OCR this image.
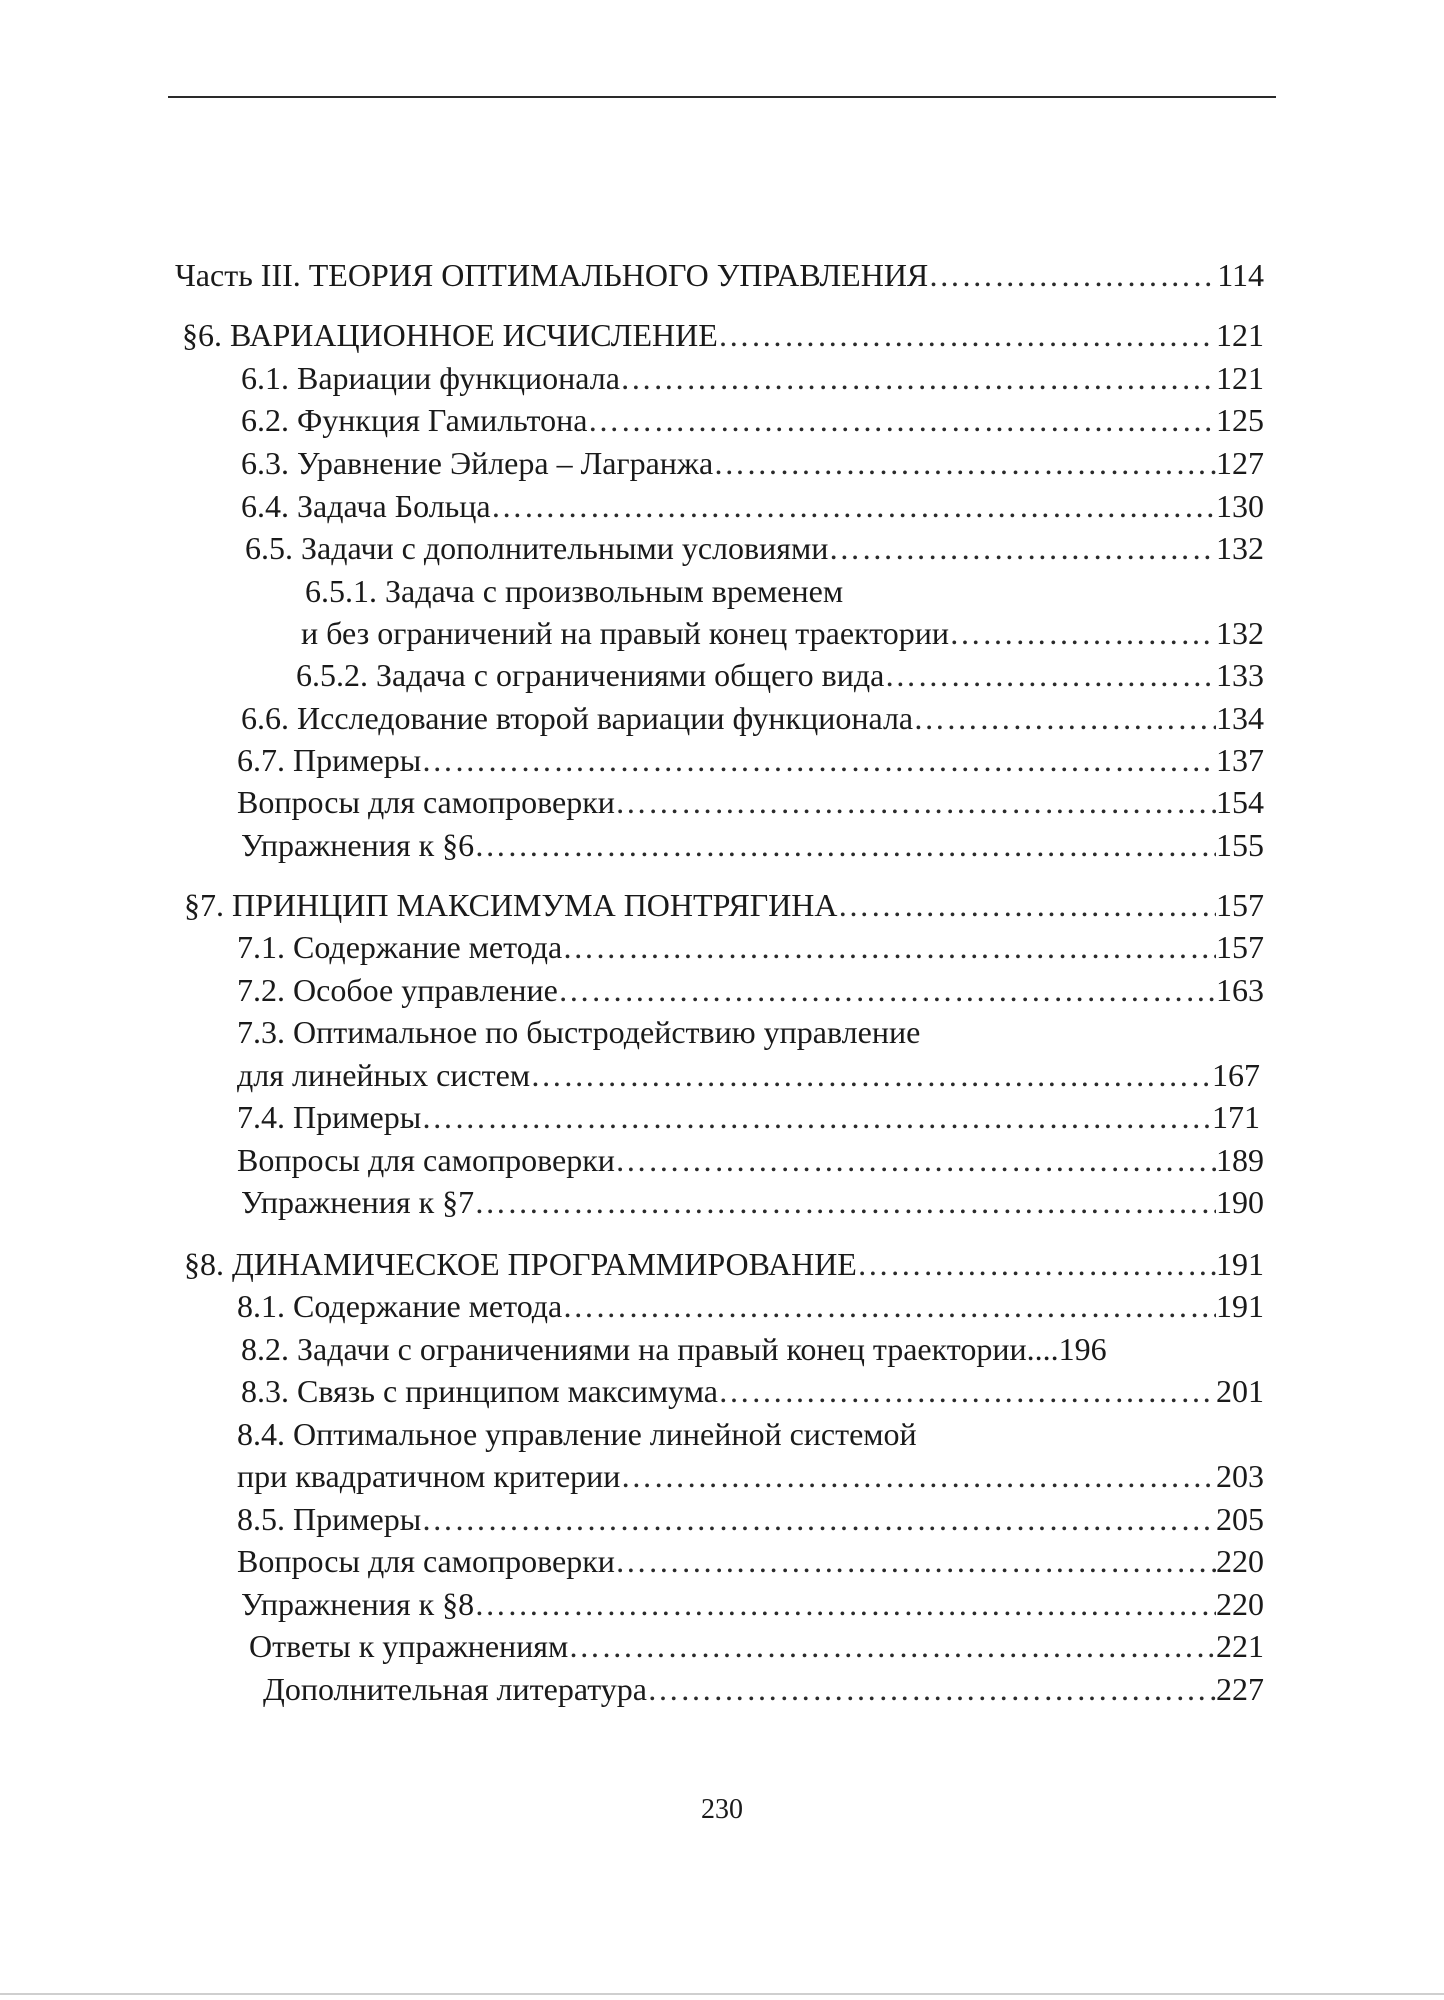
Часть III. ТЕОРИЯ ОПТИМАЛЬНОГО УПРАВЛЕНИЯ ……………………………………………………………………………………………………………………………………………………………………………………………	114
§6. ВАРИАЦИОННОЕ ИСЧИСЛЕНИЕ ……………………………………………………………………………………………………………………………………………………………………………………………	121
6.1. Вариации функционала ……………………………………………………………………………………………………………………………………………………………………………………………	121
6.2. Функция Гамильтона ……………………………………………………………………………………………………………………………………………………………………………………………	125
6.3. Уравнение Эйлера – Лагранжа ……………………………………………………………………………………………………………………………………………………………………………………………	127
6.4. Задача Больца ……………………………………………………………………………………………………………………………………………………………………………………………	130
6.5. Задачи с дополнительными условиями ……………………………………………………………………………………………………………………………………………………………………………………………	132
6.5.1. Задача с произвольным временем
и без ограничений на правый конец траектории ……………………………………………………………………………………………………………………………………………………………………………………………	132
6.5.2. Задача с ограничениями общего вида ……………………………………………………………………………………………………………………………………………………………………………………………	133
6.6. Исследование второй вариации функционала ……………………………………………………………………………………………………………………………………………………………………………………………	134
6.7. Примеры ……………………………………………………………………………………………………………………………………………………………………………………………	137
Вопросы для самопроверки ……………………………………………………………………………………………………………………………………………………………………………………………	154
Упражнения к §6 ……………………………………………………………………………………………………………………………………………………………………………………………	155
§7. ПРИНЦИП МАКСИМУМА ПОНТРЯГИНА ……………………………………………………………………………………………………………………………………………………………………………………………	157
7.1. Содержание метода ……………………………………………………………………………………………………………………………………………………………………………………………	157
7.2. Особое управление ……………………………………………………………………………………………………………………………………………………………………………………………	163
7.3. Оптимальное по быстродействию управление
для линейных систем ……………………………………………………………………………………………………………………………………………………………………………………………	167
7.4. Примеры ……………………………………………………………………………………………………………………………………………………………………………………………	171
Вопросы для самопроверки ……………………………………………………………………………………………………………………………………………………………………………………………	189
Упражнения к §7 ……………………………………………………………………………………………………………………………………………………………………………………………	190
§8. ДИНАМИЧЕСКОЕ ПРОГРАММИРОВАНИЕ ……………………………………………………………………………………………………………………………………………………………………………………………	191
8.1. Содержание метода ……………………………………………………………………………………………………………………………………………………………………………………………	191
8.2. Задачи с ограничениями на правый конец траектории.... 196
8.3. Связь с принципом максимума ……………………………………………………………………………………………………………………………………………………………………………………………	201
8.4. Оптимальное управление линейной системой
при квадратичном критерии ……………………………………………………………………………………………………………………………………………………………………………………………	203
8.5. Примеры ……………………………………………………………………………………………………………………………………………………………………………………………	205
Вопросы для самопроверки ……………………………………………………………………………………………………………………………………………………………………………………………	220
Упражнения к §8 ……………………………………………………………………………………………………………………………………………………………………………………………	220
Ответы к упражнениям ……………………………………………………………………………………………………………………………………………………………………………………………	221
Дополнительная литература ……………………………………………………………………………………………………………………………………………………………………………………………	227
230
